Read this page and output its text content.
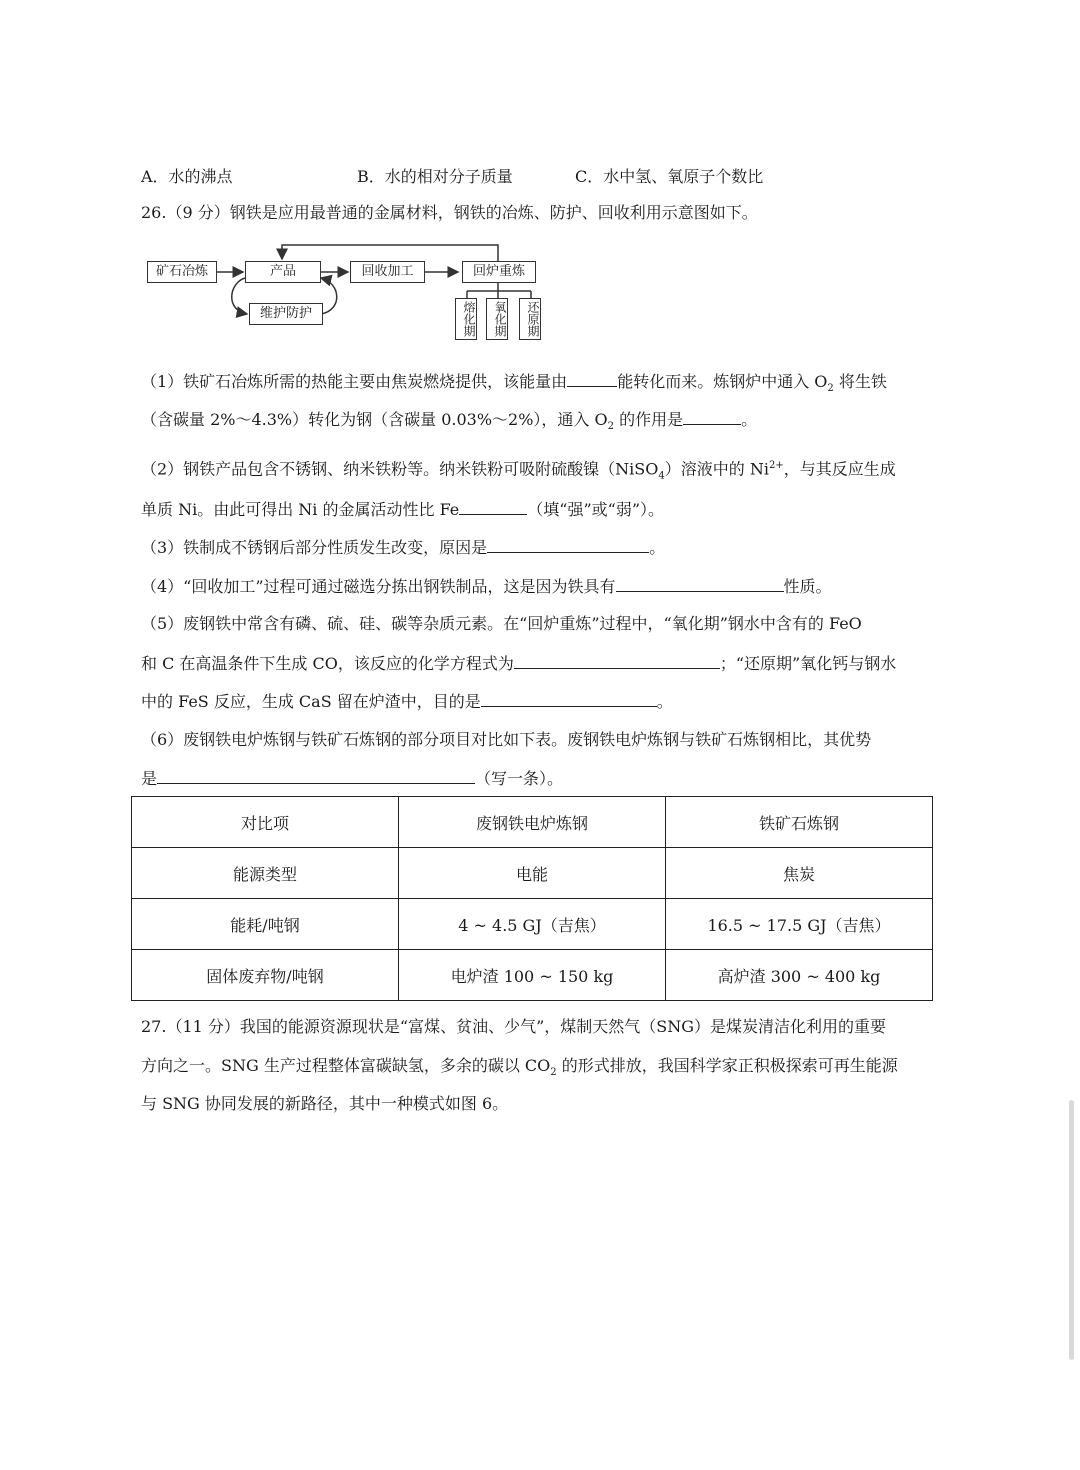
A．水的沸点	B．水的相对分子质量	C．水中氢、氧原子个数比
26.（9 分）钢铁是应用最普通的金属材料，钢铁的冶炼、防护、回收利用示意图如下。
矿石冶炼	产品
维护防护
回收加工	回炉重炼
熔化期	氧化期	还原期
（1）铁矿石冶炼所需的热能主要由焦炭燃烧提供，该能量由	能转化而来。炼钢炉中通入 $O_2$ 将生铁
（含碳量 2%～4.3%）转化为钢（含碳量 0.03%～2%），通入 $O_2$ 的作用是	。
（2）钢铁产品包含不锈钢、纳米铁粉等。纳米铁粉可吸附硫酸镍（NiSO$_4$）溶液中的 $Ni^{2+}$，与其反应生成
单质 Ni。由此可得出 Ni 的金属活动性比 Fe	（填“强”或“弱”）。
（3）铁制成不锈钢后部分性质发生改变，原因是	。
（4）“回收加工”过程可通过磁选分拣出钢铁制品，这是因为铁具有	性质。
（5）废钢铁中常含有磷、硫、硅、碳等杂质元素。在“回炉重炼”过程中，“氧化期”钢水中含有的 FeO
和 C 在高温条件下生成 CO，该反应的化学方程式为	；“还原期”氧化钙与钢水
中的 FeS 反应，生成 CaS 留在炉渣中，目的是	。
（6）废钢铁电炉炼钢与铁矿石炼钢的部分项目对比如下表。废钢铁电炉炼钢与铁矿石炼钢相比，其优势
是	（写一条）。
对比项	废钢铁电炉炼钢	铁矿石炼钢
能源类型	电能	焦炭
能耗/吨钢	4 ~ 4.5 GJ（吉焦）	16.5 ~ 17.5 GJ（吉焦）
固体废弃物/吨钢	电炉渣 100 ~ 150 kg	高炉渣 300 ~ 400 kg
27.（11 分）我国的能源资源现状是“富煤、贫油、少气”，煤制天然气（SNG）是煤炭清洁化利用的重要
方向之一。SNG 生产过程整体富碳缺氢，多余的碳以 $CO_2$ 的形式排放，我国科学家正积极探索可再生能源
与 SNG 协同发展的新路径，其中一种模式如图 6。
